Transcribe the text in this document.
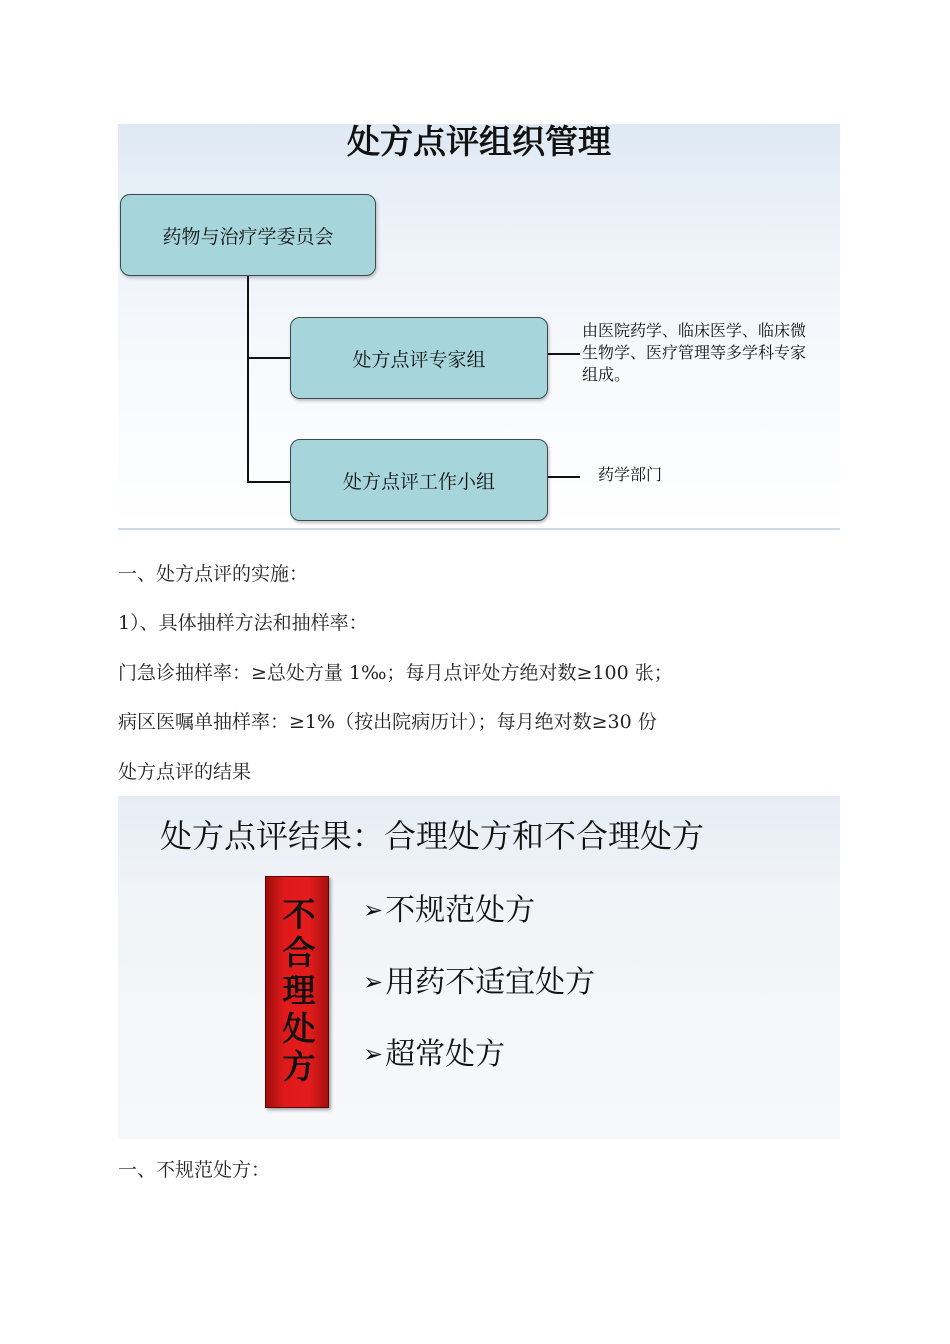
处方点评组织管理
药物与治疗学委员会
处方点评专家组
处方点评工作小组
由医院药学、临床医学、临床微生物学、医疗管理等多学科专家组成。
药学部门
一、处方点评的实施：
1）、具体抽样方法和抽样率：
门急诊抽样率：≥总处方量 1‰；每月点评处方绝对数≥100 张；
病区医嘱单抽样率：≥1%（按出院病历计）；每月绝对数≥30 份
处方点评的结果
处方点评结果：合理处方和不合理处方
不合理处方 ➢不规范处方
➢用药不适宜处方
➢超常处方
一、不规范处方：
